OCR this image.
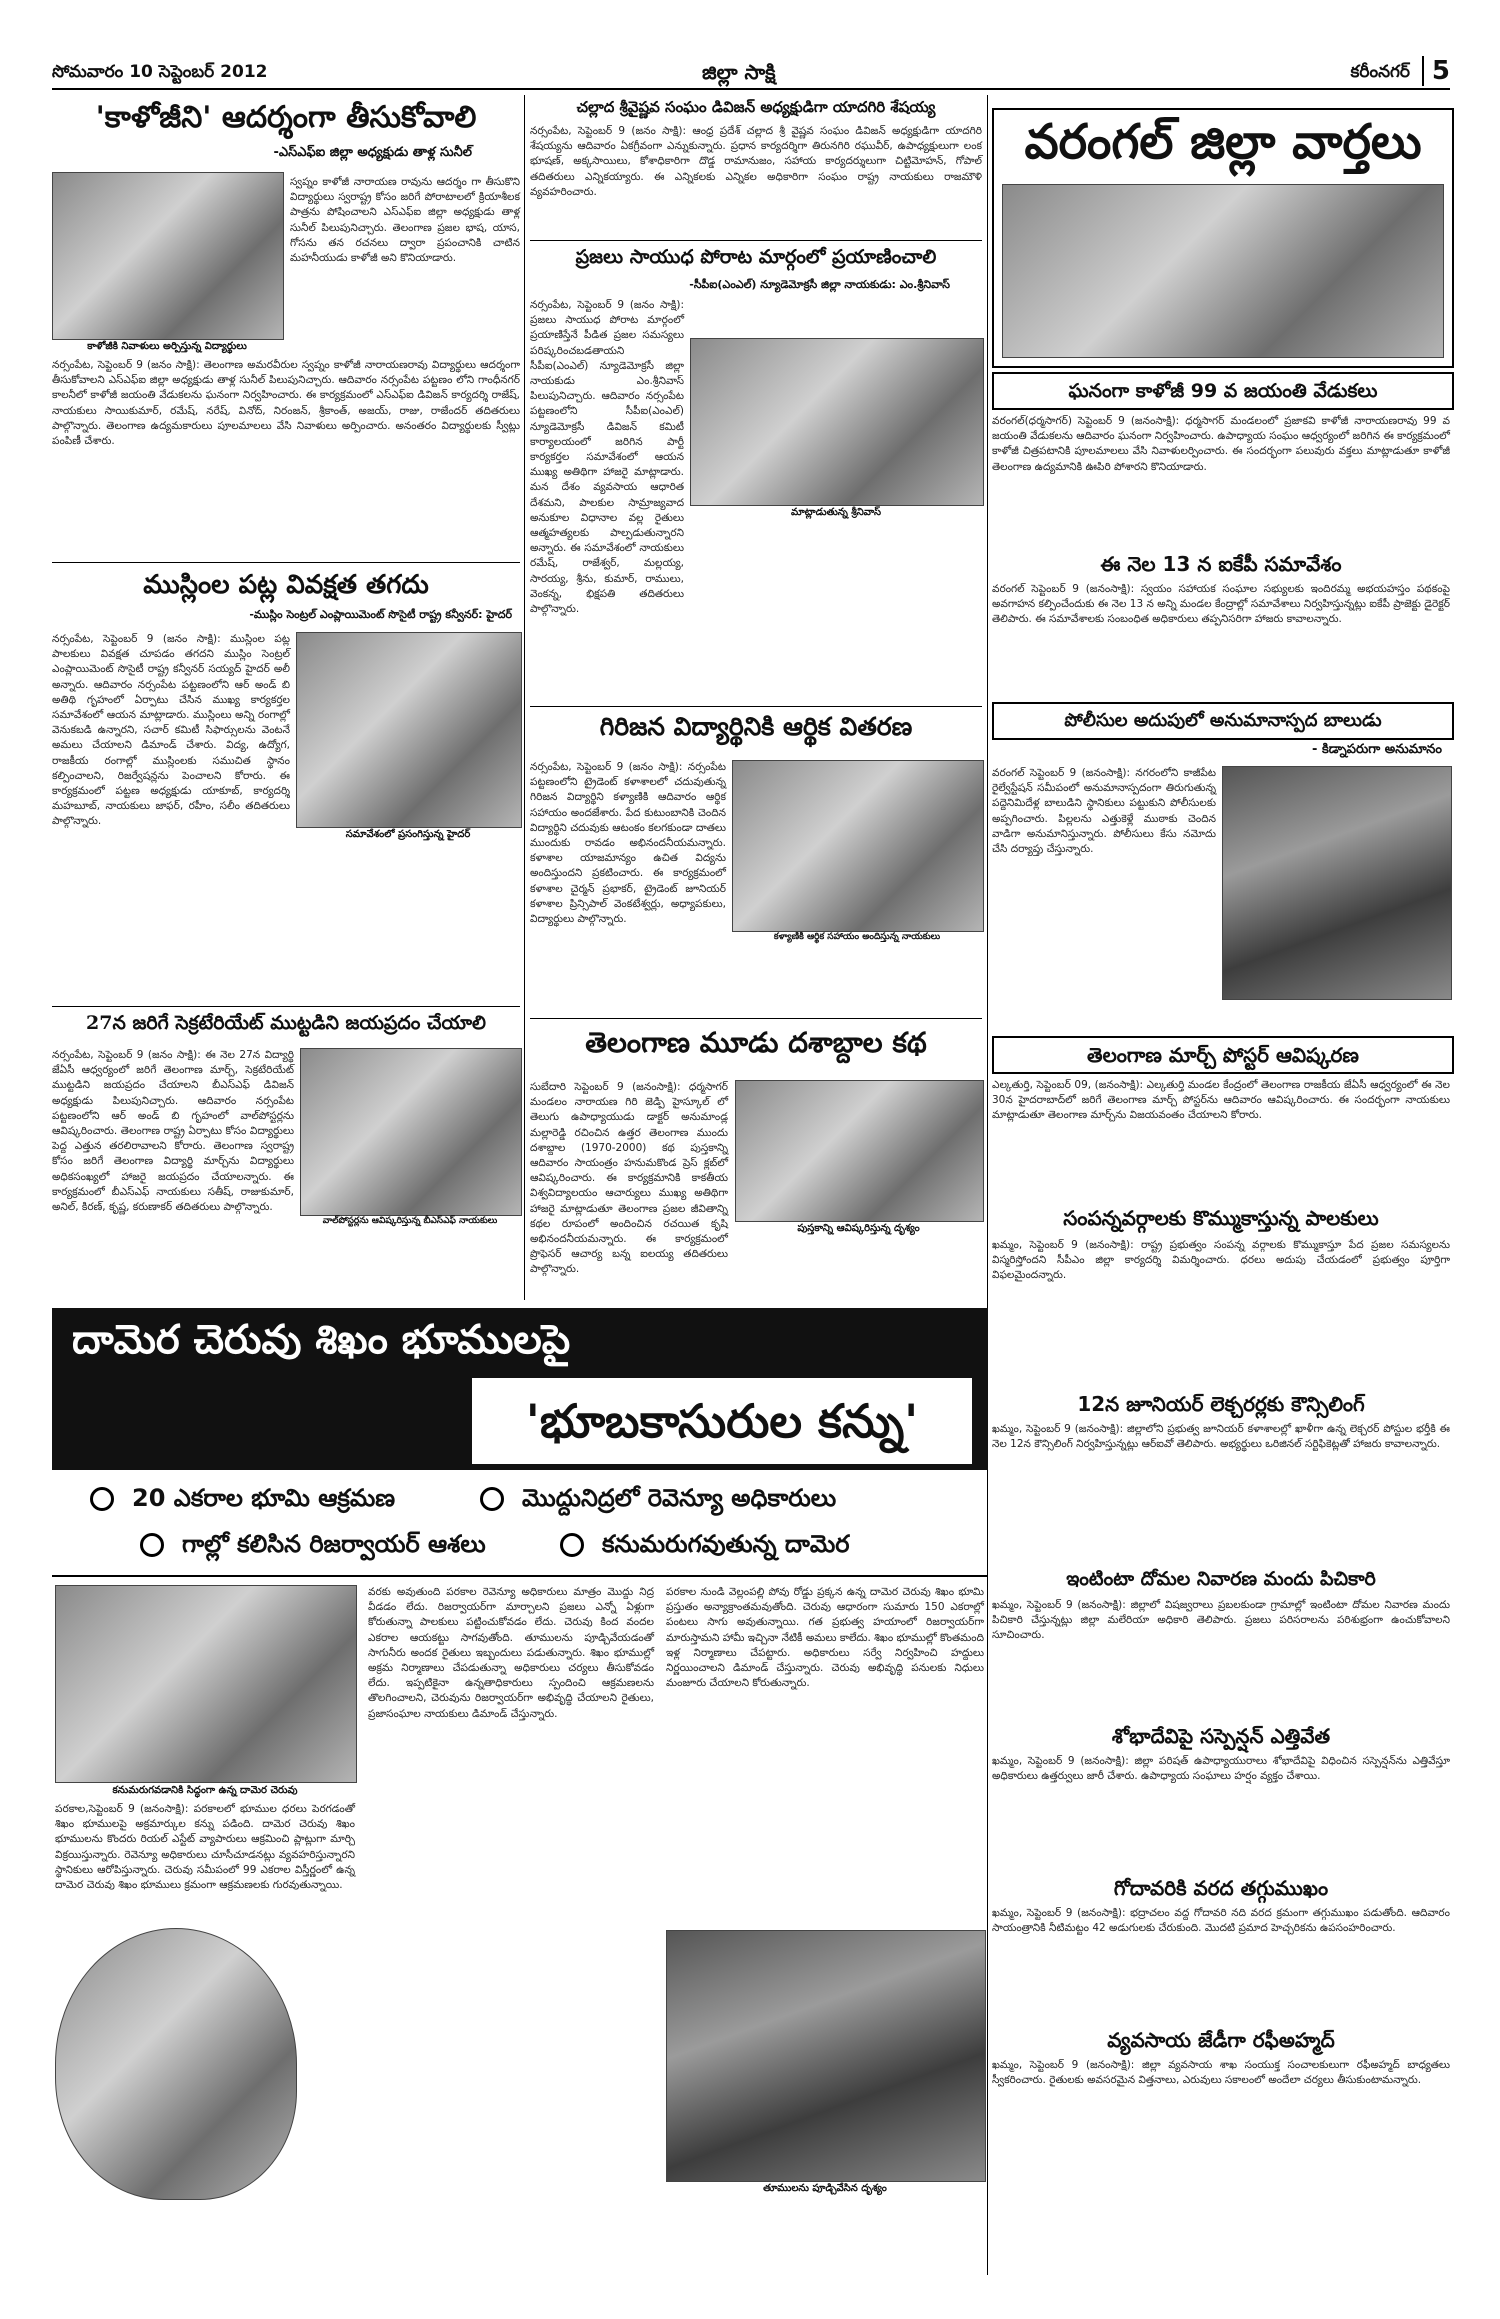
సోమవారం 10 సెప్టెంబర్ 2012	జిల్లా సాక్షి	కరీంనగర్ 5
'కాళోజీని' ఆదర్శంగా తీసుకోవాలి
-ఎస్‌ఎఫ్‌ఐ జిల్లా అధ్యక్షుడు తాళ్ల సునీల్
కాళోజీకి నివాళులు అర్పిస్తున్న విద్యార్థులు
స్వప్నం కాళోజీ నారాయణ రావును ఆదర్శం గా తీసుకొని విద్యార్థులు స్వరాష్ట్ర కోసం జరిగే పోరాటాలలో క్రియాశీలక పాత్రను పోషించాలని ఎస్‌ఎఫ్‌ఐ జిల్లా అధ్యక్షుడు తాళ్ల సునీల్ పిలుపునిచ్చారు. తెలంగాణ ప్రజల భాష, యాస, గోసను తన రచనలు ద్వారా ప్రపంచానికి చాటిన మహనీయుడు కాళోజీ అని కొనియాడారు.
నర్సంపేట, సెప్టెంబర్ 9 (జనం సాక్షి): తెలంగాణ అమరవీరుల స్వప్నం కాళోజీ నారాయణరావు విద్యార్థులు ఆదర్శంగా తీసుకోవాలని ఎస్‌ఎఫ్‌ఐ జిల్లా అధ్యక్షుడు తాళ్ల సునీల్ పిలుపునిచ్చారు. ఆదివారం నర్సంపేట పట్టణం లోని గాంధీనగర్ కాలనీలో కాళోజీ జయంతి వేడుకలను ఘనంగా నిర్వహించారు. ఈ కార్యక్రమంలో ఎస్‌ఎఫ్‌ఐ డివిజన్ కార్యదర్శి రాజేష్, నాయకులు సాయికుమార్, రమేష్, నరేష్, వినోద్, నిరంజన్, శ్రీకాంత్, అజయ్, రాజు, రాజేందర్ తదితరులు పాల్గొన్నారు. తెలంగాణ ఉద్యమకారులు పూలమాలలు వేసి నివాళులు అర్పించారు. అనంతరం విద్యార్థులకు స్వీట్లు పంపిణీ చేశారు.
ముస్లింల పట్ల వివక్షత తగదు
-ముస్లిం సెంట్రల్ ఎంప్లాయిమెంట్ సొసైటీ రాష్ట్ర కన్వీనర్: హైదర్
సమావేశంలో ప్రసంగిస్తున్న హైదర్
నర్సంపేట, సెప్టెంబర్ 9 (జనం సాక్షి): ముస్లింల పట్ల పాలకులు వివక్షత చూపడం తగదని ముస్లిం సెంట్రల్ ఎంప్లాయిమెంట్ సొసైటీ రాష్ట్ర కన్వీనర్ సయ్యద్ హైదర్ అలీ అన్నారు. ఆదివారం నర్సంపేట పట్టణంలోని ఆర్ అండ్ బి అతిథి గృహంలో ఏర్పాటు చేసిన ముఖ్య కార్యకర్తల సమావేశంలో ఆయన మాట్లాడారు. ముస్లింలు అన్ని రంగాల్లో వెనుకబడి ఉన్నారని, సచార్ కమిటీ సిఫార్సులను వెంటనే అమలు చేయాలని డిమాండ్ చేశారు. విద్య, ఉద్యోగ, రాజకీయ రంగాల్లో ముస్లింలకు సముచిత స్థానం కల్పించాలని, రిజర్వేషన్లను పెంచాలని కోరారు. ఈ కార్యక్రమంలో పట్టణ అధ్యక్షుడు యాకూబ్, కార్యదర్శి మహబూబ్, నాయకులు జాఫర్, రహీం, సలీం తదితరులు పాల్గొన్నారు.
27న జరిగే సెక్రటేరియేట్ ముట్టడిని జయప్రదం చేయాలి
వాల్‌పోస్టర్లను ఆవిష్కరిస్తున్న బీఎస్‌ఎఫ్ నాయకులు
నర్సంపేట, సెప్టెంబర్ 9 (జనం సాక్షి): ఈ నెల 27న విద్యార్థి జేఏసీ ఆధ్వర్యంలో జరిగే తెలంగాణ మార్చ్, సెక్రటేరియేట్ ముట్టడిని జయప్రదం చేయాలని బీఎస్‌ఎఫ్ డివిజన్ అధ్యక్షుడు పిలుపునిచ్చారు. ఆదివారం నర్సంపేట పట్టణంలోని ఆర్ అండ్ బి గృహంలో వాల్‌పోస్టర్లను ఆవిష్కరించారు. తెలంగాణ రాష్ట్ర ఏర్పాటు కోసం విద్యార్థులు పెద్ద ఎత్తున తరలిరావాలని కోరారు. తెలంగాణ స్వరాష్ట్ర కోసం జరిగే తెలంగాణ విద్యార్థి మార్చ్‌ను విద్యార్థులు అధికసంఖ్యలో హాజరై జయప్రదం చేయాలన్నారు. ఈ కార్యక్రమంలో బీఎస్‌ఎఫ్ నాయకులు సతీష్, రాజుకుమార్, అనిల్, కిరణ్, కృష్ణ, కరుణాకర్ తదితరులు పాల్గొన్నారు.
చల్లాద శ్రీవైష్ణవ సంఘం డివిజన్ అధ్యక్షుడిగా యాదగిరి శేషయ్య
నర్సంపేట, సెప్టెంబర్ 9 (జనం సాక్షి): ఆంధ్ర ప్రదేశ్ చల్లాద శ్రీ వైష్ణవ సంఘం డివిజన్ అధ్యక్షుడిగా యాదగిరి శేషయ్యను ఆదివారం ఏకగ్రీవంగా ఎన్నుకున్నారు. ప్రధాన కార్యదర్శిగా తిరునగిరి రఘువీర్, ఉపాధ్యక్షులుగా లంక భూషణ్, అక్కసాయిలు, కోశాధికారిగా దొడ్డ రామానుజం, సహాయ కార్యదర్శులుగా చిట్టిమోహన్, గోపాల్ తదితరులు ఎన్నికయ్యారు. ఈ ఎన్నికలకు ఎన్నికల అధికారిగా సంఘం రాష్ట్ర నాయకులు రాజమౌళి వ్యవహరించారు.
ప్రజలు సాయుధ పోరాట మార్గంలో ప్రయాణించాలి
-సీపీఐ(ఎంఎల్) న్యూడెమోక్రసీ జిల్లా నాయకుడు: ఎం.శ్రీనివాస్
మాట్లాడుతున్న శ్రీనివాస్
నర్సంపేట, సెప్టెంబర్ 9 (జనం సాక్షి): ప్రజలు సాయుధ పోరాట మార్గంలో ప్రయాణిస్తేనే పీడిత ప్రజల సమస్యలు పరిష్కరించబడతాయని సీపీఐ(ఎంఎల్) న్యూడెమోక్రసీ జిల్లా నాయకుడు ఎం.శ్రీనివాస్ పిలుపునిచ్చారు. ఆదివారం నర్సంపేట పట్టణంలోని సీపీఐ(ఎంఎల్) న్యూడెమోక్రసీ డివిజన్ కమిటీ కార్యాలయంలో జరిగిన పార్టీ కార్యకర్తల సమావేశంలో ఆయన ముఖ్య అతిథిగా హాజరై మాట్లాడారు. మన దేశం వ్యవసాయ ఆధారిత దేశమని, పాలకుల సామ్రాజ్యవాద అనుకూల విధానాల వల్ల రైతులు ఆత్మహత్యలకు పాల్పడుతున్నారని అన్నారు. ఈ సమావేశంలో నాయకులు రమేష్, రాజేశ్వర్, మల్లయ్య, సారయ్య, శ్రీను, కుమార్, రాములు, వెంకన్న, భిక్షపతి తదితరులు పాల్గొన్నారు.
గిరిజన విద్యార్థినికి ఆర్థిక వితరణ
కళ్యాణికి ఆర్థిక సహాయం అందిస్తున్న నాయకులు
నర్సంపేట, సెప్టెంబర్ 9 (జనం సాక్షి): నర్సంపేట పట్టణంలోని ట్రైడెంట్ కళాశాలలో చదువుతున్న గిరిజన విద్యార్థిని కళ్యాణికి ఆదివారం ఆర్థిక సహాయం అందజేశారు. పేద కుటుంబానికి చెందిన విద్యార్థిని చదువుకు ఆటంకం కలగకుండా దాతలు ముందుకు రావడం అభినందనీయమన్నారు. కళాశాల యాజమాన్యం ఉచిత విద్యను అందిస్తుందని ప్రకటించారు. ఈ కార్యక్రమంలో కళాశాల చైర్మన్ ప్రభాకర్, ట్రైడెంట్ జూనియర్ కళాశాల ప్రిన్సిపాల్ వెంకటేశ్వర్లు, అధ్యాపకులు, విద్యార్థులు పాల్గొన్నారు.
తెలంగాణ మూడు దశాబ్దాల కథ
పుస్తకాన్ని ఆవిష్కరిస్తున్న దృశ్యం
సుబేదారి సెప్టెంబర్ 9 (జనంసాక్షి): ధర్మసాగర్ మండలం నారాయణ గిరి జెడ్పి హైస్కూల్ లో తెలుగు ఉపాధ్యాయుడు డాక్టర్ అనుమాండ్ల మల్లారెడ్డి రచించిన ఉత్తర తెలంగాణ ముందు దశాబ్దాల (1970-2000) కథ పుస్తకాన్ని ఆదివారం సాయంత్రం హనుమకొండ ప్రెస్ క్లబ్‌లో ఆవిష్కరించారు. ఈ కార్యక్రమానికి కాకతీయ విశ్వవిద్యాలయం ఆచార్యులు ముఖ్య అతిథిగా హాజరై మాట్లాడుతూ తెలంగాణ ప్రజల జీవితాన్ని కథల రూపంలో అందించిన రచయిత కృషి అభినందనీయమన్నారు. ఈ కార్యక్రమంలో ప్రొఫెసర్ ఆచార్య బన్న ఐలయ్య తదితరులు పాల్గొన్నారు.
వరంగల్ జిల్లా వార్తలు
ఘనంగా కాళోజీ 99 వ జయంతి వేడుకలు
వరంగల్(ధర్మసాగర్) సెప్టెంబర్ 9 (జనంసాక్షి): ధర్మసాగర్ మండలంలో ప్రజాకవి కాళోజీ నారాయణరావు 99 వ జయంతి వేడుకలను ఆదివారం ఘనంగా నిర్వహించారు. ఉపాధ్యాయ సంఘం ఆధ్వర్యంలో జరిగిన ఈ కార్యక్రమంలో కాళోజీ చిత్రపటానికి పూలమాలలు వేసి నివాళులర్పించారు. ఈ సందర్భంగా పలువురు వక్తలు మాట్లాడుతూ కాళోజీ తెలంగాణ ఉద్యమానికి ఊపిరి పోశారని కొనియాడారు.
ఈ నెల 13 న ఐకేపీ సమావేశం
వరంగల్ సెప్టెంబర్ 9 (జనంసాక్షి): స్వయం సహాయక సంఘాల సభ్యులకు ఇందిరమ్మ అభయహస్తం పథకంపై అవగాహన కల్పించేందుకు ఈ నెల 13 న అన్ని మండల కేంద్రాల్లో సమావేశాలు నిర్వహిస్తున్నట్లు ఐకేపీ ప్రాజెక్టు డైరెక్టర్ తెలిపారు. ఈ సమావేశాలకు సంబంధిత అధికారులు తప్పనిసరిగా హాజరు కావాలన్నారు.
పోలీసుల అదుపులో అనుమానాస్పద బాలుడు
- కిడ్నాపరుగా అనుమానం
వరంగల్ సెప్టెంబర్ 9 (జనంసాక్షి): నగరంలోని కాజీపేట రైల్వేస్టేషన్ సమీపంలో అనుమానాస్పదంగా తిరుగుతున్న పద్దెనిమిదేళ్ల బాలుడిని స్థానికులు పట్టుకుని పోలీసులకు అప్పగించారు. పిల్లలను ఎత్తుకెళ్లే ముఠాకు చెందిన వాడిగా అనుమానిస్తున్నారు. పోలీసులు కేసు నమోదు చేసి దర్యాప్తు చేస్తున్నారు.
తెలంగాణ మార్చ్ పోస్టర్ ఆవిష్కరణ
ఎల్కతుర్తి, సెప్టెంబర్ 09, (జనంసాక్షి): ఎల్కతుర్తి మండల కేంద్రంలో తెలంగాణ రాజకీయ జేఏసీ ఆధ్వర్యంలో ఈ నెల 30న హైదరాబాద్‌లో జరిగే తెలంగాణ మార్చ్ పోస్టర్‌ను ఆదివారం ఆవిష్కరించారు. ఈ సందర్భంగా నాయకులు మాట్లాడుతూ తెలంగాణ మార్చ్‌ను విజయవంతం చేయాలని కోరారు.
సంపన్నవర్గాలకు కొమ్ముకాస్తున్న పాలకులు
ఖమ్మం, సెప్టెంబర్ 9 (జనంసాక్షి): రాష్ట్ర ప్రభుత్వం సంపన్న వర్గాలకు కొమ్ముకాస్తూ పేద ప్రజల సమస్యలను విస్మరిస్తోందని సీపీఎం జిల్లా కార్యదర్శి విమర్శించారు. ధరలు అదుపు చేయడంలో ప్రభుత్వం పూర్తిగా విఫలమైందన్నారు.
12న జూనియర్ లెక్చరర్లకు కౌన్సిలింగ్
ఖమ్మం, సెప్టెంబర్ 9 (జనంసాక్షి): జిల్లాలోని ప్రభుత్వ జూనియర్ కళాశాలల్లో ఖాళీగా ఉన్న లెక్చరర్ పోస్టుల భర్తీకి ఈ నెల 12న కౌన్సిలింగ్ నిర్వహిస్తున్నట్లు ఆర్‌ఐవో తెలిపారు. అభ్యర్థులు ఒరిజినల్ సర్టిఫికెట్లతో హాజరు కావాలన్నారు.
ఇంటింటా దోమల నివారణ మందు పిచికారి
ఖమ్మం, సెప్టెంబర్ 9 (జనంసాక్షి): జిల్లాలో విషజ్వరాలు ప్రబలకుండా గ్రామాల్లో ఇంటింటా దోమల నివారణ మందు పిచికారి చేస్తున్నట్లు జిల్లా మలేరియా అధికారి తెలిపారు. ప్రజలు పరిసరాలను పరిశుభ్రంగా ఉంచుకోవాలని సూచించారు.
శోభాదేవిపై సస్పెన్షన్ ఎత్తివేత
ఖమ్మం, సెప్టెంబర్ 9 (జనంసాక్షి): జిల్లా పరిషత్ ఉపాధ్యాయురాలు శోభాదేవిపై విధించిన సస్పెన్షన్‌ను ఎత్తివేస్తూ అధికారులు ఉత్తర్వులు జారీ చేశారు. ఉపాధ్యాయ సంఘాలు హర్షం వ్యక్తం చేశాయి.
గోదావరికి వరద తగ్గుముఖం
ఖమ్మం, సెప్టెంబర్ 9 (జనంసాక్షి): భద్రాచలం వద్ద గోదావరి నది వరద క్రమంగా తగ్గుముఖం పడుతోంది. ఆదివారం సాయంత్రానికి నీటిమట్టం 42 అడుగులకు చేరుకుంది. మొదటి ప్రమాద హెచ్చరికను ఉపసంహరించారు.
వ్యవసాయ జేడీగా రఫీఅహ్మద్
ఖమ్మం, సెప్టెంబర్ 9 (జనంసాక్షి): జిల్లా వ్యవసాయ శాఖ సంయుక్త సంచాలకులుగా రఫీఅహ్మద్ బాధ్యతలు స్వీకరించారు. రైతులకు అవసరమైన విత్తనాలు, ఎరువులు సకాలంలో అందేలా చర్యలు తీసుకుంటామన్నారు.
దామెర చెరువు శిఖం భూములపై
'భూబకాసురుల కన్ను'
20 ఎకరాల భూమి ఆక్రమణ	మొద్దునిద్రలో రెవెన్యూ అధికారులు
గాల్లో కలిసిన రిజర్వాయర్ ఆశలు	కనుమరుగవుతున్న దామెర
కనుమరుగవడానికి సిద్ధంగా ఉన్న దామెర చెరువు
పరకాల,సెప్టెంబర్ 9 (జనంసాక్షి): పరకాలలో భూముల ధరలు పెరగడంతో శిఖం భూములపై అక్రమార్కుల కన్ను పడింది. దామెర చెరువు శిఖం భూములను కొందరు రియల్ ఎస్టేట్ వ్యాపారులు ఆక్రమించి ప్లాట్లుగా మార్చి విక్రయిస్తున్నారు. రెవెన్యూ అధికారులు చూసీచూడనట్లు వ్యవహరిస్తున్నారని స్థానికులు ఆరోపిస్తున్నారు. చెరువు సమీపంలో 99 ఎకరాల విస్తీర్ణంలో ఉన్న దామెర చెరువు శిఖం భూములు క్రమంగా ఆక్రమణలకు గురవుతున్నాయి.
వరకు అవుతుంది పరకాల రెవెన్యూ అధికారులు మాత్రం మొద్దు నిద్ర వీడడం లేదు. రిజర్వాయర్‌గా మార్చాలని ప్రజలు ఎన్నో ఏళ్లుగా కోరుతున్నా పాలకులు పట్టించుకోవడం లేదు. చెరువు కింద వందల ఎకరాల ఆయకట్టు సాగవుతోంది. తూములను పూడ్చివేయడంతో సాగునీరు అందక రైతులు ఇబ్బందులు పడుతున్నారు. శిఖం భూముల్లో అక్రమ నిర్మాణాలు చేపడుతున్నా అధికారులు చర్యలు తీసుకోవడం లేదు. ఇప్పటికైనా ఉన్నతాధికారులు స్పందించి ఆక్రమణలను తొలగించాలని, చెరువును రిజర్వాయర్‌గా అభివృద్ధి చేయాలని రైతులు, ప్రజాసంఘాల నాయకులు డిమాండ్ చేస్తున్నారు.
పరకాల నుండి వెల్లంపల్లి పోవు రోడ్డు ప్రక్కన ఉన్న దామెర చెరువు శిఖం భూమి ప్రస్తుతం అన్యాక్రాంతమవుతోంది. చెరువు ఆధారంగా సుమారు 150 ఎకరాల్లో పంటలు సాగు అవుతున్నాయి. గత ప్రభుత్వ హయాంలో రిజర్వాయర్‌గా మారుస్తామని హామీ ఇచ్చినా నేటికీ అమలు కాలేదు. శిఖం భూముల్లో కొంతమంది ఇళ్ల నిర్మాణాలు చేపట్టారు. అధికారులు సర్వే నిర్వహించి హద్దులు నిర్ణయించాలని డిమాండ్ చేస్తున్నారు. చెరువు అభివృద్ధి పనులకు నిధులు మంజూరు చేయాలని కోరుతున్నారు.
తూములను పూడ్చివేసిన దృశ్యం
